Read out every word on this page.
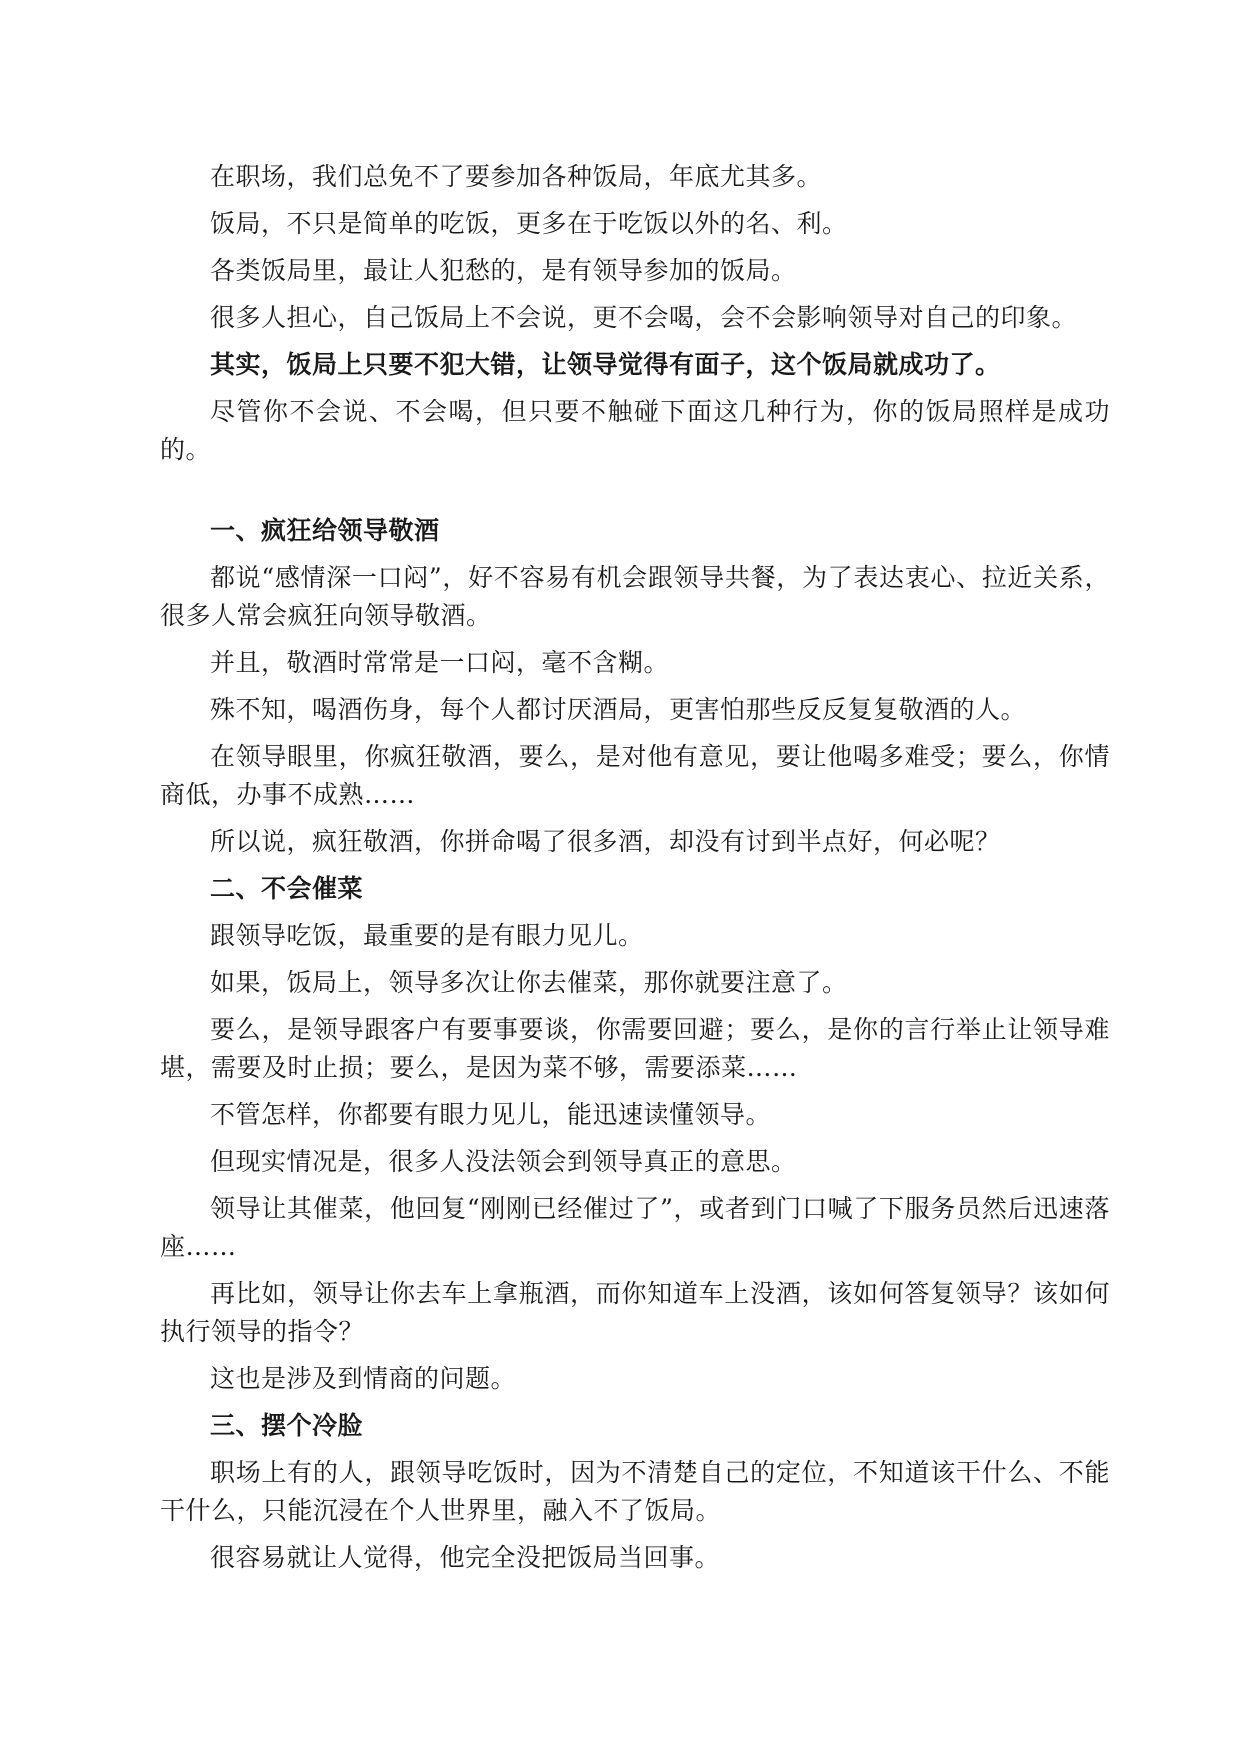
在职场，我们总免不了要参加各种饭局，年底尤其多。

饭局，不只是简单的吃饭，更多在于吃饭以外的名、利。

各类饭局里，最让人犯愁的，是有领导参加的饭局。

很多人担心，自己饭局上不会说，更不会喝，会不会影响领导对自己的印象。

其实，饭局上只要不犯大错，让领导觉得有面子，这个饭局就成功了。

尽管你不会说、不会喝，但只要不触碰下面这几种行为，你的饭局照样是成功的。

一、疯狂给领导敬酒

都说“感情深一口闷”，好不容易有机会跟领导共餐，为了表达衷心、拉近关系，很多人常会疯狂向领导敬酒。

并且，敬酒时常常是一口闷，毫不含糊。

殊不知，喝酒伤身，每个人都讨厌酒局，更害怕那些反反复复敬酒的人。

在领导眼里，你疯狂敬酒，要么，是对他有意见，要让他喝多难受；要么，你情商低，办事不成熟……

所以说，疯狂敬酒，你拼命喝了很多酒，却没有讨到半点好，何必呢？

二、不会催菜

跟领导吃饭，最重要的是有眼力见儿。

如果，饭局上，领导多次让你去催菜，那你就要注意了。

要么，是领导跟客户有要事要谈，你需要回避；要么，是你的言行举止让领导难堪，需要及时止损；要么，是因为菜不够，需要添菜……

不管怎样，你都要有眼力见儿，能迅速读懂领导。

但现实情况是，很多人没法领会到领导真正的意思。

领导让其催菜，他回复“刚刚已经催过了”，或者到门口喊了下服务员然后迅速落座……

再比如，领导让你去车上拿瓶酒，而你知道车上没酒，该如何答复领导？该如何执行领导的指令？

这也是涉及到情商的问题。

三、摆个冷脸

职场上有的人，跟领导吃饭时，因为不清楚自己的定位，不知道该干什么、不能干什么，只能沉浸在个人世界里，融入不了饭局。

很容易就让人觉得，他完全没把饭局当回事。
